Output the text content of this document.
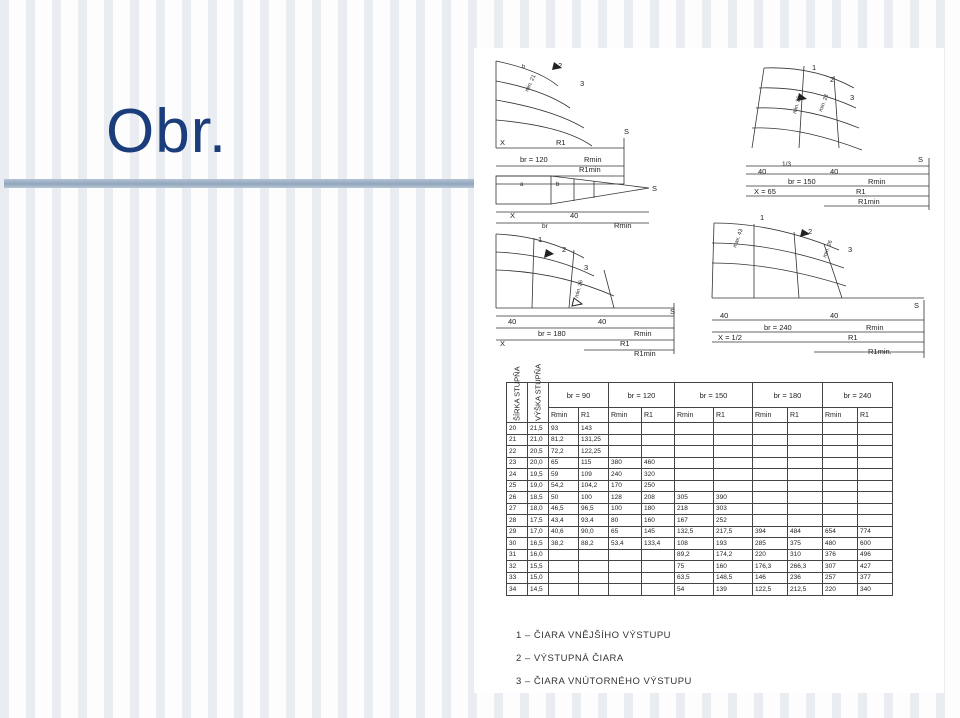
Obr.
2
3
min. 21
b
X	R1
S
br = 120	Rmin
R1min
a	b	S
X
br
40
Rmin
1
2
3
min. 26
S
40	40
br = 180	Rmin
X	R1
R1min
1
2
3
min. 26	min. 23
S
40	40
1/3
br = 150	Rmin
X = 65	R1
R1min
1
2
3
max. 43
min. 26
S
40	40
br = 240	Rmin
X = 1/2	R1
R1min.
ŠÍRKA STUPŇA	VÝŠKA STUPŇA	br = 90		br = 120		br = 150		br = 180		br = 240	
		Rmin	R1	Rmin	R1	Rmin	R1	Rmin	R1	Rmin	R1
20	21,5	93	143								
21	21,0	81,2	131,25								
22	20,5	72,2	122,25								
23	20,0	65	115	380	460						
24	19,5	59	109	240	320						
25	19,0	54,2	104,2	170	250						
26	18,5	50	100	128	208	305	390				
27	18,0	46,5	96,5	100	180	218	303				
28	17,5	43,4	93,4	80	160	167	252				
29	17,0	40,6	90,0	65	145	132,5	217,5	394	484	654	774
30	16,5	38,2	88,2	53,4	133,4	108	193	285	375	480	600
31	16,0					89,2	174,2	220	310	376	496
32	15,5					75	160	176,3	266,3	307	427
33	15,0					63,5	148,5	146	236	257	377
34	14,5					54	139	122,5	212,5	220	340
1 – ČIARA VNĚJŠÍHO VÝSTUPU
2 – VÝSTUPNÁ ČIARA
3 – ČIARA VNÚTORNÉHO VÝSTUPU
